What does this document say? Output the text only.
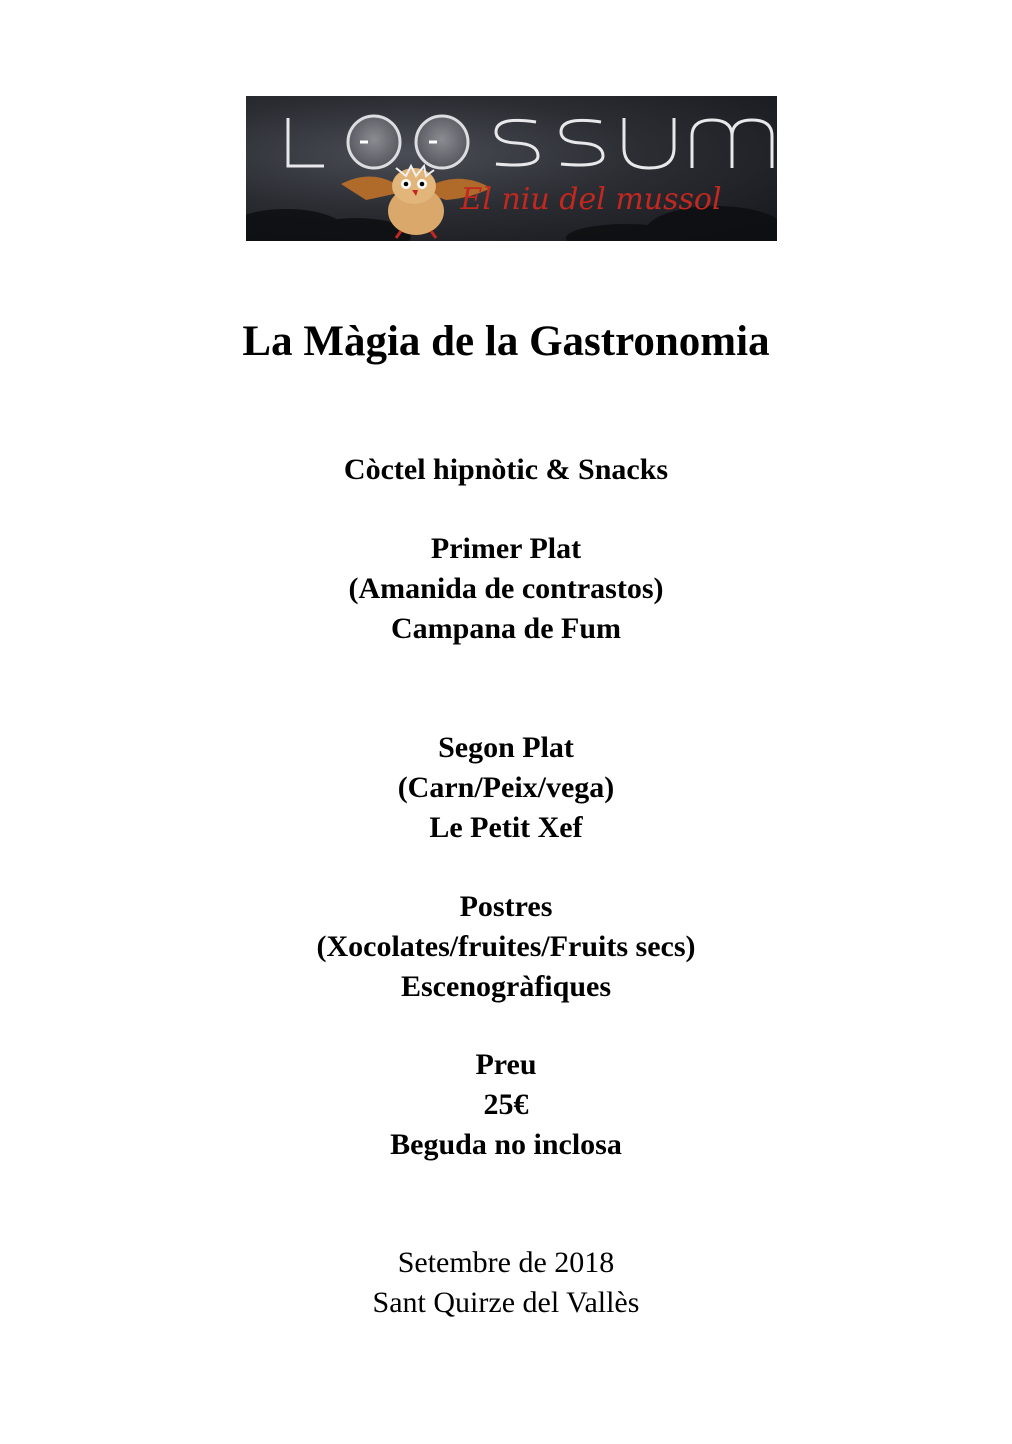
El niu del mussol
La Màgia de la Gastronomia
Còctel hipnòtic & Snacks
Primer Plat
(Amanida de contrastos)
Campana de Fum
Segon Plat
(Carn/Peix/vega)
Le Petit Xef
Postres
(Xocolates/fruites/Fruits secs)
Escenogràfiques
Preu
25€
Beguda no inclosa
Setembre de 2018
Sant Quirze del Vallès
